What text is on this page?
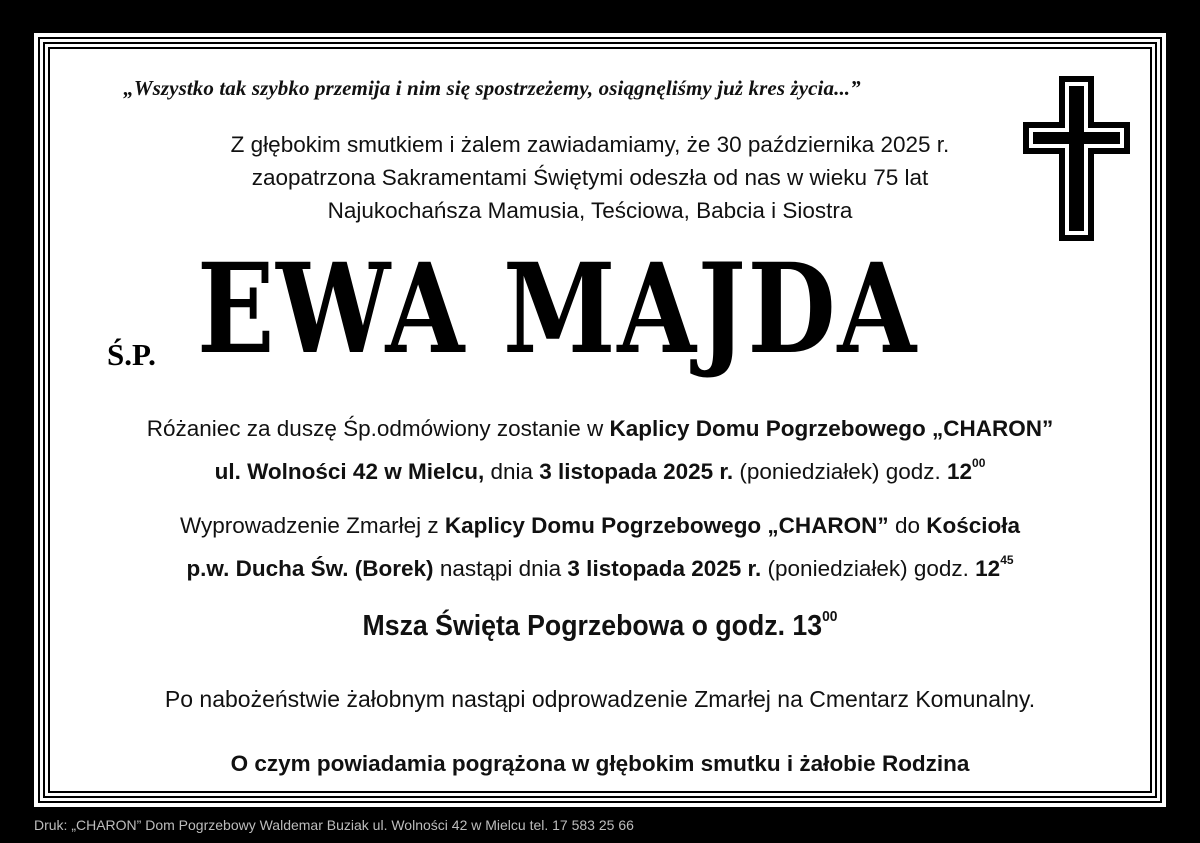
„Wszystko tak szybko przemija i nim się spostrzeżemy, osiągnęliśmy już kres życia...”
Z głębokim smutkiem i żalem zawiadamiamy, że 30 października 2025 r.
zaopatrzona Sakramentami Świętymi odeszła od nas w wieku 75 lat
Najukochańsza Mamusia, Teściowa, Babcia i Siostra
Ś.P. EWA MAJDA
Różaniec za duszę Śp.odmówiony zostanie w Kaplicy Domu Pogrzebowego „CHARON”
ul. Wolności 42 w Mielcu, dnia 3 listopada 2025 r. (poniedziałek) godz. $12^{00}$
Wyprowadzenie Zmarłej z Kaplicy Domu Pogrzebowego „CHARON” do Kościoła
p.w. Ducha Św. (Borek) nastąpi dnia 3 listopada 2025 r. (poniedziałek) godz. $12^{45}$
Msza Święta Pogrzebowa o godz. $13^{00}$
Po nabożeństwie żałobnym nastąpi odprowadzenie Zmarłej na Cmentarz Komunalny.
O czym powiadamia pogrążona w głębokim smutku i żałobie Rodzina
Druk: „CHARON” Dom Pogrzebowy Waldemar Buziak ul. Wolności 42 w Mielcu tel. 17 583 25 66
